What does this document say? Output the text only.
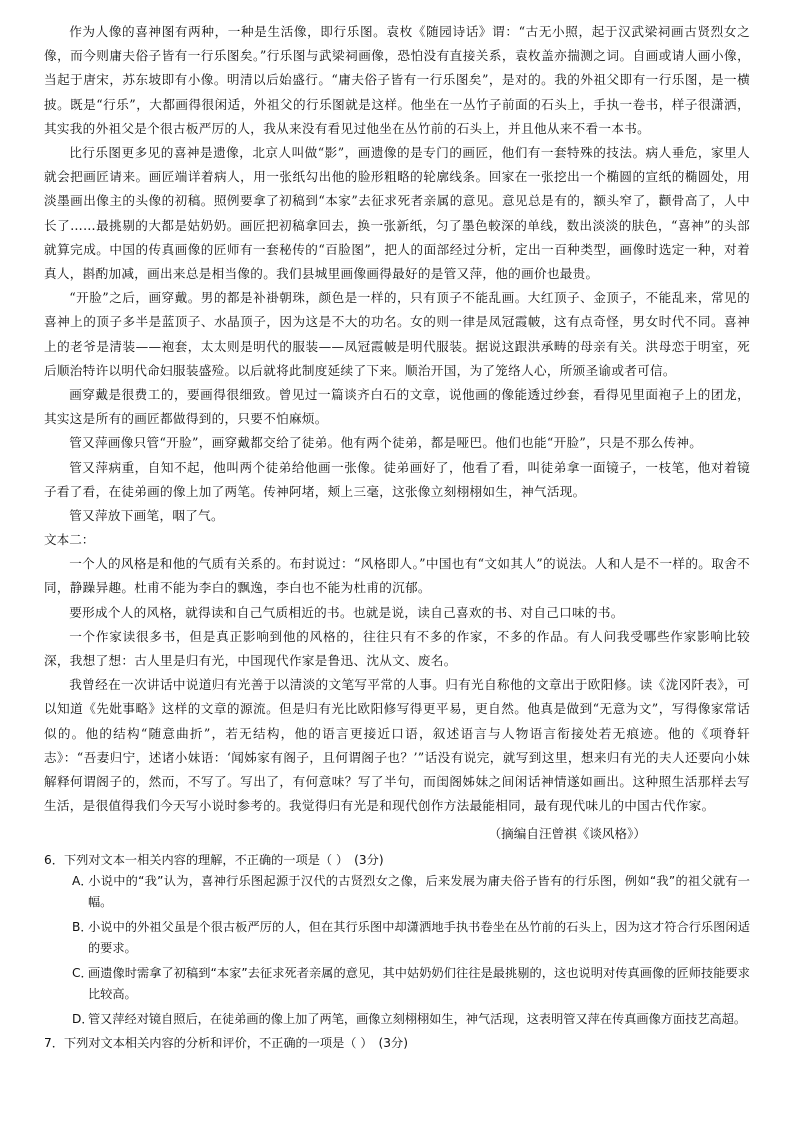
作为人像的喜神图有两种，一种是生活像，即行乐图。袁枚《随园诗话》谓：“古无小照，起于汉武梁祠画古贤烈女之像，而今则庸夫俗子皆有一行乐图矣。”行乐图与武梁祠画像，恐怕没有直接关系，袁枚盖亦揣测之词。自画或请人画小像，当起于唐宋，苏东坡即有小像。明清以后始盛行。“庸夫俗子皆有一行乐图矣”，是对的。我的外祖父即有一行乐图，是一横披。既是“行乐”，大都画得很闲适，外祖父的行乐图就是这样。他坐在一丛竹子前面的石头上，手执一卷书，样子很潇洒，其实我的外祖父是个很古板严厉的人，我从来没有看见过他坐在丛竹前的石头上，并且他从来不看一本书。

比行乐图更多见的喜神是遗像，北京人叫做“影”，画遗像的是专门的画匠，他们有一套特殊的技法。病人垂危，家里人就会把画匠请来。画匠端详着病人，用一张纸勾出他的脸形粗略的轮廓线条。回家在一张挖出一个椭圆的宣纸的椭圆处，用淡墨画出像主的头像的初稿。照例要拿了初稿到“本家”去征求死者亲属的意见。意见总是有的，额头窄了，颧骨高了，人中长了……最挑剔的大都是姑奶奶。画匠把初稿拿回去，换一张新纸，匀了墨色較深的单线，数出淡淡的肤色，“喜神”的头部就算完成。中国的传真画像的匠师有一套秘传的“百脸图”，把人的面部经过分析，定出一百种类型，画像时选定一种，对着真人，斟酌加减，画出来总是相当像的。我们县城里画像画得最好的是管又萍，他的画价也最贵。

“开脸”之后，画穿戴。男的都是补褂朝珠，颜色是一样的，只有顶子不能乱画。大红顶子、金顶子，不能乱来，常见的喜神上的顶子多半是蓝顶子、水晶顶子，因为这是不大的功名。女的则一律是凤冠霞帔，这有点奇怪，男女时代不同。喜神上的老爷是清装——袍套，太太则是明代的服装——凤冠霞帔是明代服装。据说这跟洪承畴的母亲有关。洪母恋于明室，死后顺治特许以明代命妇服装盛殓。以后就将此制度延续了下来。顺治开国，为了笼络人心，所颁圣谕或者可信。

画穿戴是很费工的，要画得很细致。曾见过一篇谈齐白石的文章，说他画的像能透过纱套，看得见里面袍子上的团龙，其实这是所有的画匠都做得到的，只要不怕麻烦。

管又萍画像只管“开脸”，画穿戴都交给了徒弟。他有两个徒弟，都是哑巴。他们也能“开脸”，只是不那么传神。

管又萍病重，自知不起，他叫两个徒弟给他画一张像。徒弟画好了，他看了看，叫徒弟拿一面镜子，一枝笔，他对着镜子看了看，在徒弟画的像上加了两笔。传神阿堵，颊上三毫，这张像立刻栩栩如生，神气活现。

管又萍放下画笔，咽了气。

文本二：

一个人的风格是和他的气质有关系的。布封说过：“风格即人。”中国也有“文如其人”的说法。人和人是不一样的。取舍不同，静躁异趣。杜甫不能为李白的飘逸，李白也不能为杜甫的沉郁。

要形成个人的风格，就得读和自己气质相近的书。也就是说，读自己喜欢的书、对自己口味的书。

一个作家读很多书，但是真正影响到他的风格的，往往只有不多的作家，不多的作品。有人问我受哪些作家影响比较深，我想了想：古人里是归有光，中国现代作家是鲁迅、沈从文、废名。

我曾经在一次讲话中说道归有光善于以清淡的文笔写平常的人事。归有光自称他的文章出于欧阳修。读《泷冈阡表》，可以知道《先妣事略》这样的文章的源流。但是归有光比欧阳修写得更平易，更自然。他真是做到“无意为文”，写得像家常话似的。他的结构“随意曲折”，若无结构，他的语言更接近口语，叙述语言与人物语言衔接处若无痕迹。他的《项脊轩志》：“吾妻归宁，述诸小妹语：‘闻姊家有阁子，且何谓阁子也？’”话没有说完，就写到这里，想来归有光的夫人还要向小妹解释何谓阁子的，然而，不写了。写出了，有何意味？写了半句，而闺阁姊妹之间闲话神情遂如画出。这种照生活那样去写生活，是很值得我们今天写小说时参考的。我觉得归有光是和现代创作方法最能相同，最有现代味儿的中国古代作家。

（摘编自汪曾祺《谈风格》）

6．下列对文本一相关内容的理解，不正确的一项是（ ） (3分)

A．小说中的“我”认为，喜神行乐图起源于汉代的古贤烈女之像，后来发展为庸夫俗子皆有的行乐图，例如“我”的祖父就有一幅。

B．小说中的外祖父虽是个很古板严厉的人，但在其行乐图中却潇洒地手执书卷坐在丛竹前的石头上，因为这才符合行乐图闲适的要求。

C．画遗像时需拿了初稿到“本家”去征求死者亲属的意见，其中姑奶奶们往往是最挑剔的，这也说明对传真画像的匠师技能要求比较高。

D．管又萍经对镜自照后，在徒弟画的像上加了两笔，画像立刻栩栩如生，神气活现，这表明管又萍在传真画像方面技艺高超。

7．下列对文本相关内容的分析和评价，不正确的一项是（ ） (3分)
